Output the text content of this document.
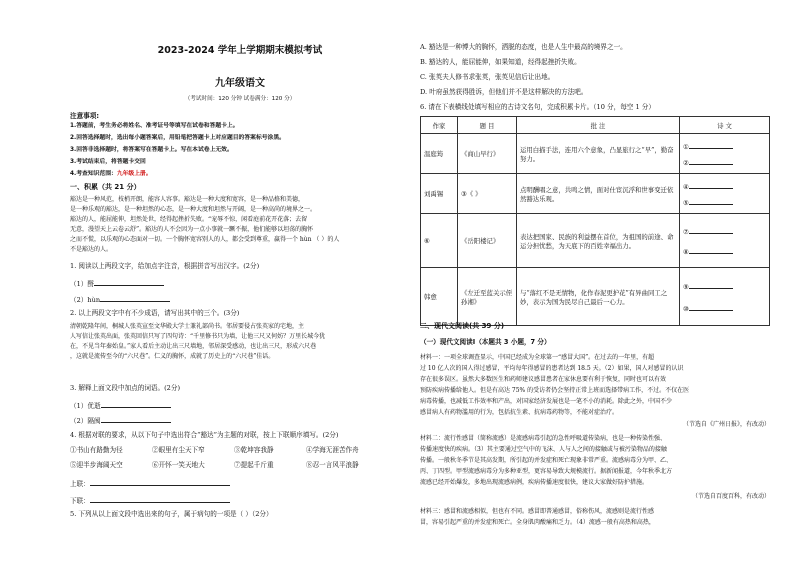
2023-2024 学年上学期期末模拟考试
九年级语文
（考试时间：120 分钟 试卷满分：120 分）
注意事项:
1.答题前，考生务必将姓名、准考证号等填写在试卷和答题卡上。
2.回答选择题时，选出每小题答案后，用铅笔把答题卡上对应题目的答案标号涂黑。
3.回答非选择题时，将答案写在答题卡上。写在本试卷上无效。
3.考试结束后，将答题卡交回
4.考查知识范围：九年级上册。
一、积累（共 21 分）
豁达是一种风范，枝梢开朗，能容人容事。豁达是一种大度和宽容，是一种品格和美德，
是一种乐观的豁达，是一种坦然的心态，是一种大度和坦然与开阔，是一种高尚的境界之一。
豁达的人，能屈能伸，坦然处世，经得起挫折失败。“宠辱不惊，闲看庭前花开花落；去留
无意，漫望天上云卷云舒”。豁达的人不会因为一点小事就一蹶不振，他们能够以坦荡的胸怀
之而不慌，以乐观的心态面对一切。一个胸怀宽容别人的人，都会受到尊重，赢得一个 hùn （ ）的人
不是豁达的人。
1. 阅读以上两段文字，给加点字注音，根据拼音写出汉字。(2分)
（1）酹
（2）hùn
2. 以上两段文字中有不少成语，请写出其中的三个。(3分)
清朝乾隆年间，桐城人张英宣至文华殿大学士兼礼部尚书。邻居要侵占张英家的宅地，主
人写信让张英出面，张英回信只写了四句诗：“千里修书只为墙，让他三尺又何妨？万里长城今犹
在，不见当年秦始皇。”家人看后主动让出三尺墙地，邻居深受感动，也让出三尺，形成六尺巷
，这就是流传至今的“六尺巷”。仁义的胸怀，成就了历史上的“六尺巷”佳话。
3. 解释上面文段中加点的词语。(2分)
（1）优逝
（2）隔阂
4. 根据对联的要求，从以下句子中选出符合“豁达”为主题的对联，按上下联顺序填写。(2分)
①书山有路勤为径	②眼里有尘天下窄	③乾坤容我静	④学海无涯苦作舟
⑤迎半步海阔天空	⑥开怀一笑天地大	⑦提起千斤重	⑧忍一言风平浪静
上联：
下联：
5. 下列从以上面文段中选出来的句子，属于病句的一项是（ ）（2分）
A. 豁达是一种博大的胸怀，洒脱的态度，也是人生中最高的境界之一。
B. 豁达的人，能屈能伸，如果知道，经得起挫折失败。
C. 张英夫人修书求张英，张英见信后让出地。
D. 叶府虽然获得胜诉，但他们并不是这样解决的方法吧。
6. 请在下表横线处填写相应的古诗文名句，完成积累卡片。（10 分，每空 1 分）
作家	题 目	批 注	诗 文
温庭筠	《商山早行》	运用白描手法，连用六个意象，凸显旅行之“早”，勤奋努力。	①
②

刘禹锡	③《 》	点明酬唱之意，共鸣之情，面对仕宦沉浮和世事变迁依然豁达乐观。	④
⑤

⑥	《岳阳楼记》	表达把国家、民族的利益摆在首位，为祖国的前途、命运分担忧愁，为天底下的百姓幸福出力。	⑦
⑧

韩愈	《左迁至蓝关示侄孙湘》	与“落红不是无情物，化作春泥更护花”有异曲同工之妙，表示为国为民尽自己最后一心力。	⑨
⑩
二、现代文阅读(共 39 分)
（一）现代文阅读Ⅰ（本题共 3 小题，7 分）
材料一：一项全球调查显示，中国已经成为全球第一“感冒大国”。在过去的一年里，有超
过 10 亿人次的国人得过感冒，平均每年得感冒的患者达到 18.5 天。（2）如果，国人对感冒的认识
存在很多误区。虽然大多数医生和药师建议感冒患者在家休息要有利于恢复，同时也可以有效
预防疾病传播给他人。但是有高达 75% 的受访者仍会坚持正常上班而选择带病工作，不过。不仅在医
病毒传播，也减低工作效率和产出，对国家经济发展也是一笔不小的消耗。除此之外，中国不少
感冒病人有药物滥用的行为，包括抗生素、抗病毒药物等，不能对症治疗。
（节选自《广州日报》，有改动）
材料二：流行性感冒（简称流感）是流感病毒引起的急性呼吸道传染病，也是一种传染性强、
传播速度快的疾病。（3）其主要通过空气中的飞沫、人与人之间的接触或与被污染物品的接触
传播。一般秋冬季节是其高发期，所引起的并发症和死亡现象非常严重。流感病毒分为甲、乙、
丙、丁四型。甲型流感病毒分为多种亚型，更容易导致大规模流行。据新闻报道，今年秋季北方
流感已经开始爆发，多地出现流感病例，疾病传播速度很快，建议大家做好防护措施。
（节选自百度百科，有改动）
材料三：感冒和流感相似，但也有不同。感冒即普通感冒，俗称伤风，流感则是流行性感
冒，容易引起严重的并发症和死亡。全身肌肉酸痛和乏力。（4）流感一般有高热和高热，
